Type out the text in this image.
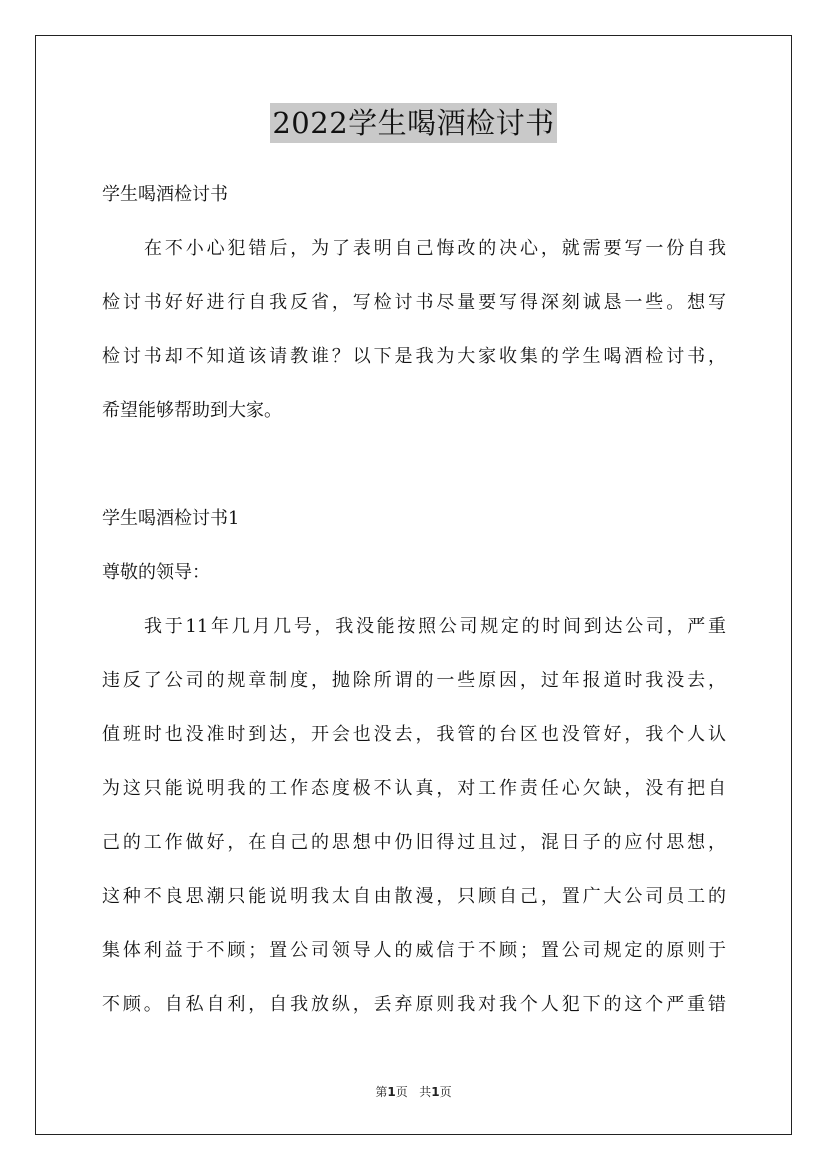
2022学生喝酒检讨书
学生喝酒检讨书
在不小心犯错后，为了表明自己悔改的决心，就需要写一份自我
检讨书好好进行自我反省，写检讨书尽量要写得深刻诚恳一些。想写
检讨书却不知道该请教谁？以下是我为大家收集的学生喝酒检讨书，
希望能够帮助到大家。
学生喝酒检讨书1
尊敬的领导：
我于11年几月几号，我没能按照公司规定的时间到达公司，严重
违反了公司的规章制度，抛除所谓的一些原因，过年报道时我没去，
值班时也没准时到达，开会也没去，我管的台区也没管好，我个人认
为这只能说明我的工作态度极不认真，对工作责任心欠缺，没有把自
己的工作做好，在自己的思想中仍旧得过且过，混日子的应付思想，
这种不良思潮只能说明我太自由散漫，只顾自己，置广大公司员工的
集体利益于不顾；置公司领导人的威信于不顾；置公司规定的原则于
不顾。自私自利，自我放纵，丢弃原则我对我个人犯下的这个严重错
第1页 共1页
